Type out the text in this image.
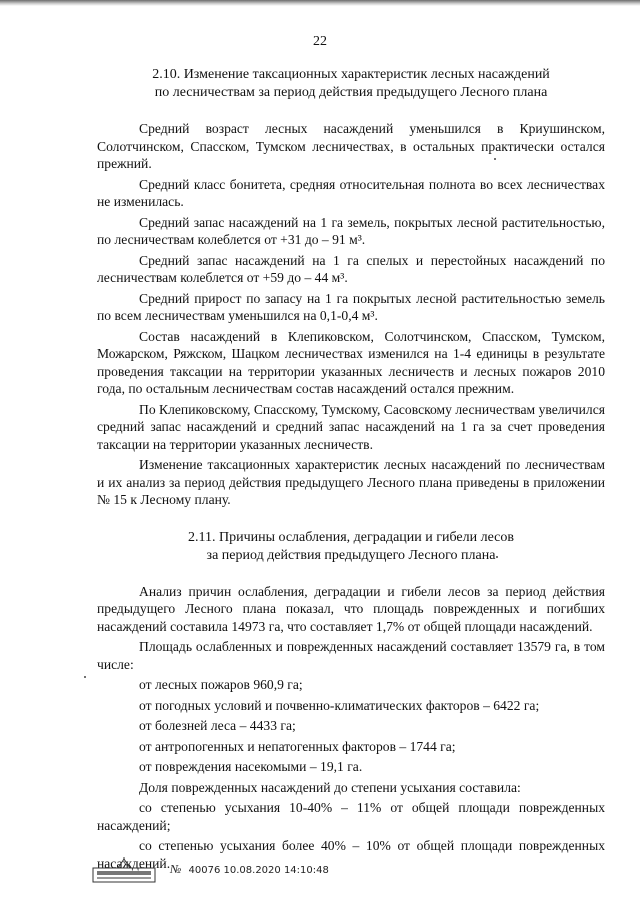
22

2.10. Изменение таксационных характеристик лесных насаждений

по лесничествам за период действия предыдущего Лесного плана

Средний возраст лесных насаждений уменьшился в Криушинском, Солотчинском, Спасском, Тумском лесничествах, в остальных практически остался прежний.

Средний класс бонитета, средняя относительная полнота во всех лесничествах не изменилась.

Средний запас насаждений на 1 га земель, покрытых лесной растительностью, по лесничествам колеблется от +31 до – 91 м³.

Средний запас насаждений на 1 га спелых и перестойных насаждений по лесничествам колеблется от +59 до – 44 м³.

Средний прирост по запасу на 1 га покрытых лесной растительностью земель по всем лесничествам уменьшился на 0,1-0,4 м³.

Состав насаждений в Клепиковском, Солотчинском, Спасском, Тумском, Можарском, Ряжском, Шацком лесничествах изменился на 1-4 единицы в результате проведения таксации на территории указанных лесничеств и лесных пожаров 2010 года, по остальным лесничествам состав насаждений остался прежним.

По Клепиковскому, Спасскому, Тумскому, Сасовскому лесничествам увеличился средний запас насаждений и средний запас насаждений на 1 га за счет проведения таксации на территории указанных лесничеств.

Изменение таксационных характеристик лесных насаждений по лесничествам и их анализ за период действия предыдущего Лесного плана приведены в приложении № 15 к Лесному плану.

2.11. Причины ослабления, деградации и гибели лесов

за период действия предыдущего Лесного плана

Анализ причин ослабления, деградации и гибели лесов за период действия предыдущего Лесного плана показал, что площадь поврежденных и погибших насаждений составила 14973 га, что составляет 1,7% от общей площади насаждений.

Площадь ослабленных и поврежденных насаждений составляет 13579 га, в том числе:

от лесных пожаров 960,9 га;

от погодных условий и почвенно-климатических факторов – 6422 га;

от болезней леса – 4433 га;

от антропогенных и непатогенных факторов – 1744 га;

от повреждения насекомыми – 19,1 га.

Доля поврежденных насаждений до степени усыхания составила:

со степенью усыхания 10-40% – 11% от общей площади поврежденных насаждений;

со степенью усыхания более 40% – 10% от общей площади поврежденных насаждений. № 40076 10.08.2020 14:10:48
